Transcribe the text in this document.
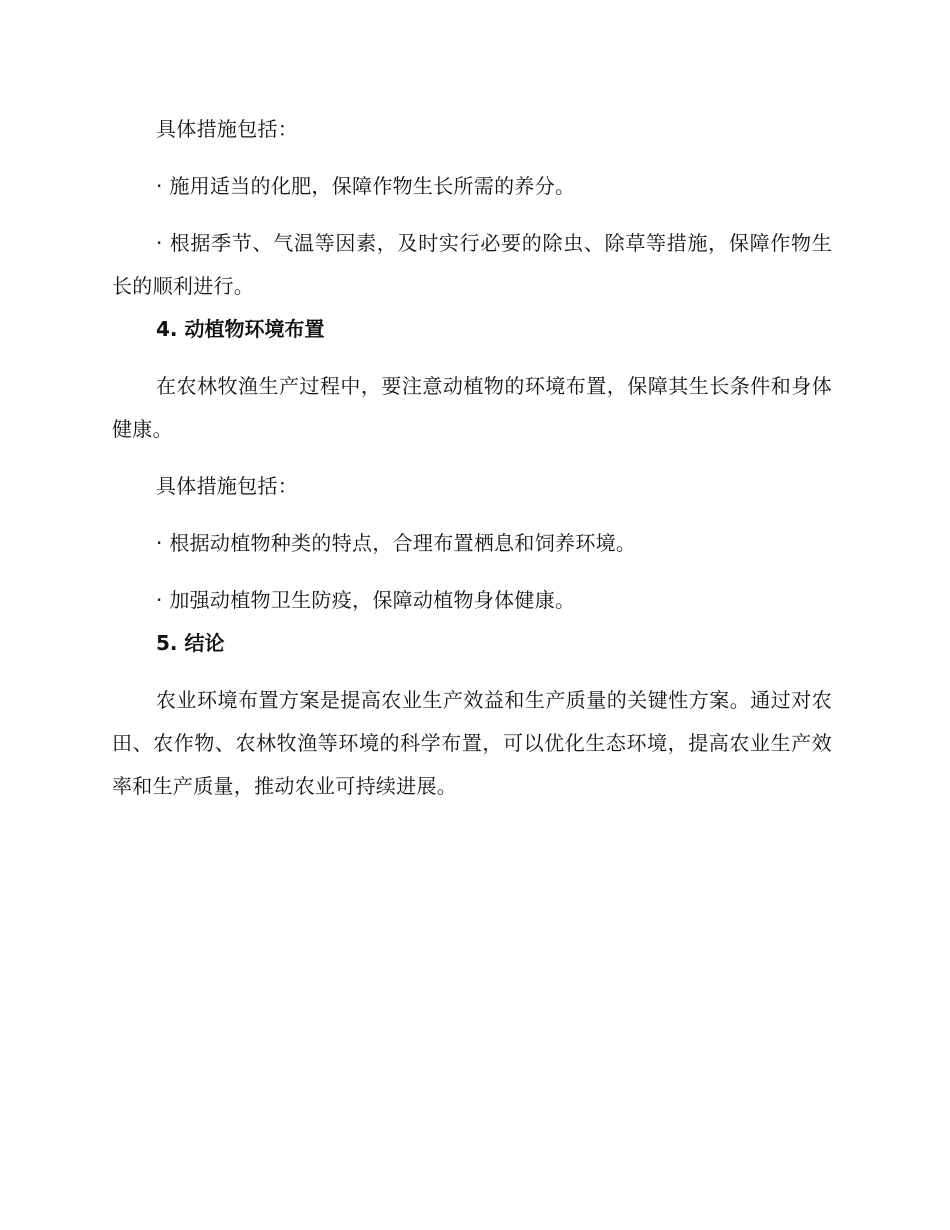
具体措施包括：

· 施用适当的化肥，保障作物生长所需的养分。

· 根据季节、气温等因素，及时实行必要的除虫、除草等措施，保障作物生长的顺利进行。

4. 动植物环境布置

在农林牧渔生产过程中，要注意动植物的环境布置，保障其生长条件和身体健康。

具体措施包括：

· 根据动植物种类的特点，合理布置栖息和饲养环境。

· 加强动植物卫生防疫，保障动植物身体健康。

5. 结论

农业环境布置方案是提高农业生产效益和生产质量的关键性方案。通过对农田、农作物、农林牧渔等环境的科学布置，可以优化生态环境，提高农业生产效率和生产质量，推动农业可持续进展。
